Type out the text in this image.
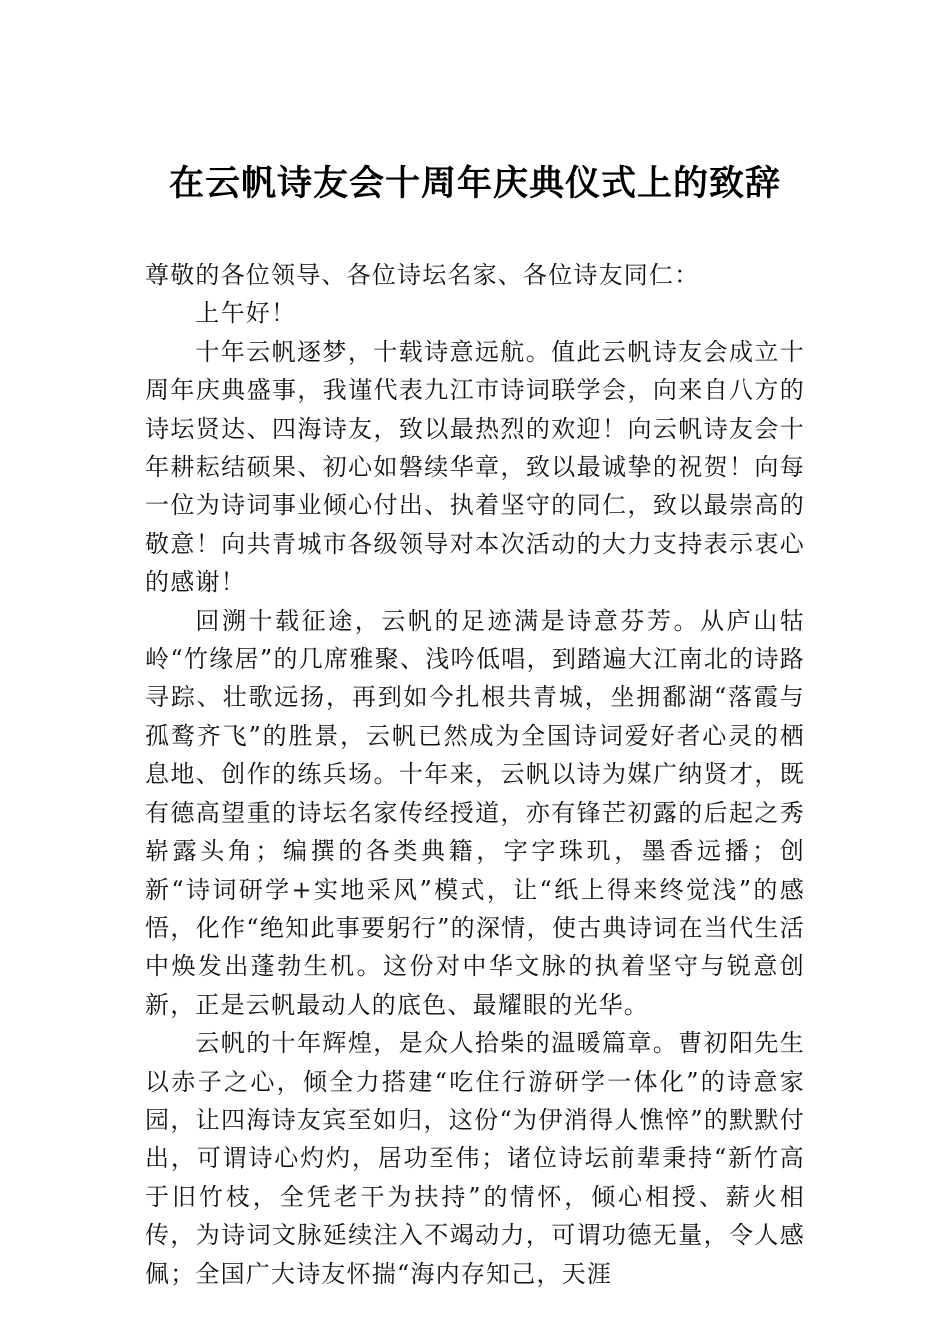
在云帆诗友会十周年庆典仪式上的致辞

尊敬的各位领导、各位诗坛名家、各位诗友同仁：

上午好！

十年云帆逐梦，十载诗意远航。值此云帆诗友会成立十周年庆典盛事，我谨代表九江市诗词联学会，向来自八方的诗坛贤达、四海诗友，致以最热烈的欢迎！向云帆诗友会十年耕耘结硕果、初心如磐续华章，致以最诚挚的祝贺！向每一位为诗词事业倾心付出、执着坚守的同仁，致以最崇高的敬意！向共青城市各级领导对本次活动的大力支持表示衷心的感谢！

回溯十载征途，云帆的足迹满是诗意芬芳。从庐山牯岭“竹缘居”的几席雅聚、浅吟低唱，到踏遍大江南北的诗路寻踪、壮歌远扬，再到如今扎根共青城，坐拥鄱湖“落霞与孤鹜齐飞”的胜景，云帆已然成为全国诗词爱好者心灵的栖息地、创作的练兵场。十年来，云帆以诗为媒广纳贤才，既有德高望重的诗坛名家传经授道，亦有锋芒初露的后起之秀崭露头角；编撰的各类典籍，字字珠玑，墨香远播；创新“诗词研学+实地采风”模式，让“纸上得来终觉浅”的感悟，化作“绝知此事要躬行”的深情，使古典诗词在当代生活中焕发出蓬勃生机。这份对中华文脉的执着坚守与锐意创新，正是云帆最动人的底色、最耀眼的光华。

云帆的十年辉煌，是众人拾柴的温暖篇章。曹初阳先生以赤子之心，倾全力搭建“吃住行游研学一体化”的诗意家园，让四海诗友宾至如归，这份“为伊消得人憔悴”的默默付出，可谓诗心灼灼，居功至伟；诸位诗坛前辈秉持“新竹高于旧竹枝，全凭老干为扶持”的情怀，倾心相授、薪火相传，为诗词文脉延续注入不竭动力，可谓功德无量，令人感佩；全国广大诗友怀揣“海内存知己，天涯
